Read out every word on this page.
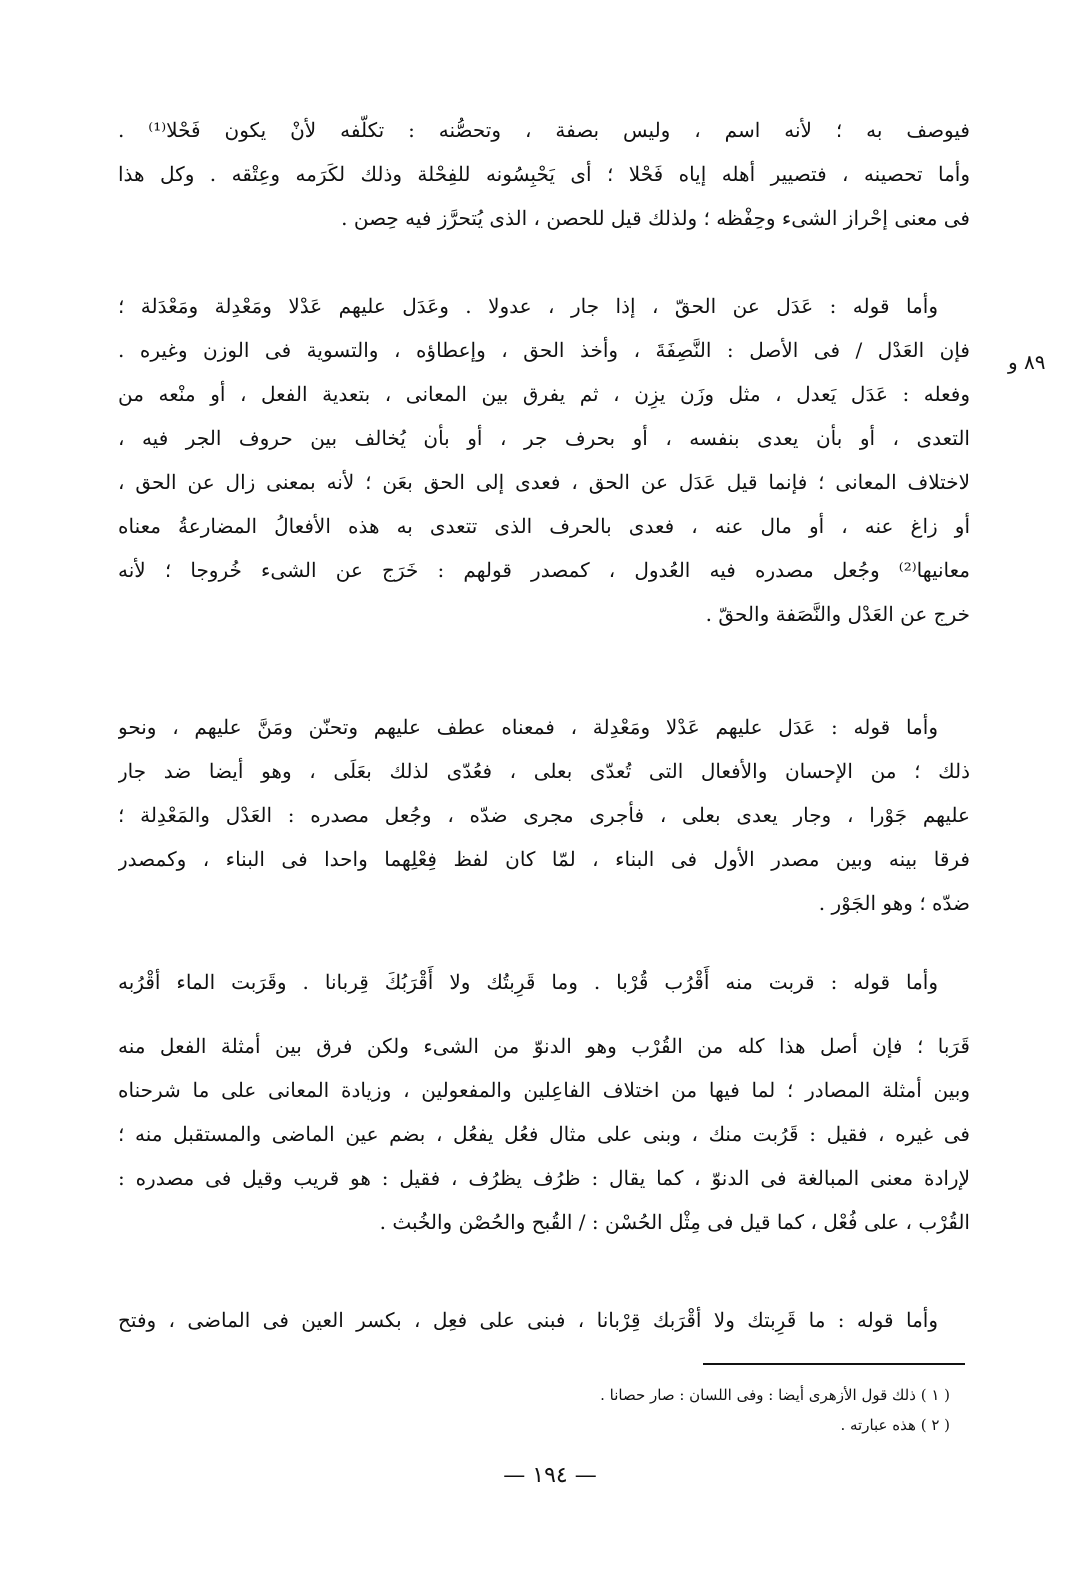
٨٩ و
فيوصف به ؛ لأنه اسم ، وليس بصفة ، وتحصُّنه : تكلّفه لأنْ يكون فَحْلا⁽¹⁾ .
وأما تحصينه ، فتصيير أهله إياه فَحْلا ؛ أى يَحْبِسُونه للفِحْلة وذلك لكَرَمه وعِتْقه . وكل هذا
فى معنى إحْراز الشىء وحِفْظه ؛ ولذلك قيل للحصن ، الذى يُتحرَّز فيه حِصن .
وأما قوله : عَدَل عن الحقّ ، إذا جار ، عدولا . وعَدَل عليهم عَدْلا ومَعْدِلة ومَعْدَلة ؛
فإن العَدْل / فى الأصل : النَّصِفَةَ ، وأخذ الحق ، وإعطاؤه ، والتسوية فى الوزن وغيره .
وفعله : عَدَل يَعدل ، مثل وزَن يزِن ، ثم يفرق بين المعانى ، بتعدية الفعل ، أو منْعه من
التعدى ، أو بأن يعدى بنفسه ، أو بحرف جر ، أو بأن يُخالف بين حروف الجر فيه ،
لاختلاف المعانى ؛ فإنما قيل عَدَل عن الحق ، فعدى إلى الحق بعَن ؛ لأنه بمعنى زال عن الحق ،
أو زاغ عنه ، أو مال عنه ، فعدى بالحرف الذى تتعدى به هذه الأفعالُ المضارعةُ معناه
معانيها⁽²⁾ وجُعل مصدره فيه العُدول ، كمصدر قولهم : خَرَج عن الشىء خُروجا ؛ لأنه
خرج عن العَدْل والنَّصَفة والحقّ .
وأما قوله : عَدَل عليهم عَدْلا ومَعْدِلة ، فمعناه عطف عليهم وتحنّن ومَنَّ عليهم ، ونحو
ذلك ؛ من الإحسان والأفعال التى تُعدّى بعلى ، فعُدّى لذلك بعَلَى ، وهو أيضا ضد جار
عليهم جَوْرا ، وجار يعدى بعلى ، فأجرى مجرى ضدّه ، وجُعل مصدره : العَدْل والمَعْدِلة ؛
فرقا بينه وبين مصدر الأول فى البناء ، لمّا كان لفظ فِعْلِهما واحدا فى البناء ، وكمصدر
ضدّه ؛ وهو الجَوْر .
وأما قوله : قربت منه أَقْرُب قُرْبا . وما قَرِبتُك ولا أَقْرَبُكَ قِربانا . وقَرَبت الماء أقْرُبه
قَرَبا ؛ فإن أصل هذا كله من القُرْب وهو الدنوّ من الشىء ولكن فرق بين أمثلة الفعل منه
وبين أمثلة المصادر ؛ لما فيها من اختلاف الفاعِلين والمفعولين ، وزيادة المعانى على ما شرحناه
فى غيره ، فقيل : قَرُبت منك ، وبنى على مثال فعُل يفعُل ، بضم عين الماضى والمستقبل منه ؛
لإرادة معنى المبالغة فى الدنوّ ، كما يقال : ظرُف يظرُف ، فقيل : هو قريب وقيل فى مصدره :
القُرْب ، على فُعْل ، كما قيل فى مِثْل الحُسْن : / القُبح والحُصْن والخُبث .
وأما قوله : ما قَرِبتك ولا أقْرَبك قِرْبانا ، فبنى على فعِل ، بكسر العين فى الماضى ، وفتح
( ١ ) ذلك قول الأزهرى أيضا : وفى اللسان : صار حصانا .
( ٢ ) هذه عبارته .
— ١٩٤ —
